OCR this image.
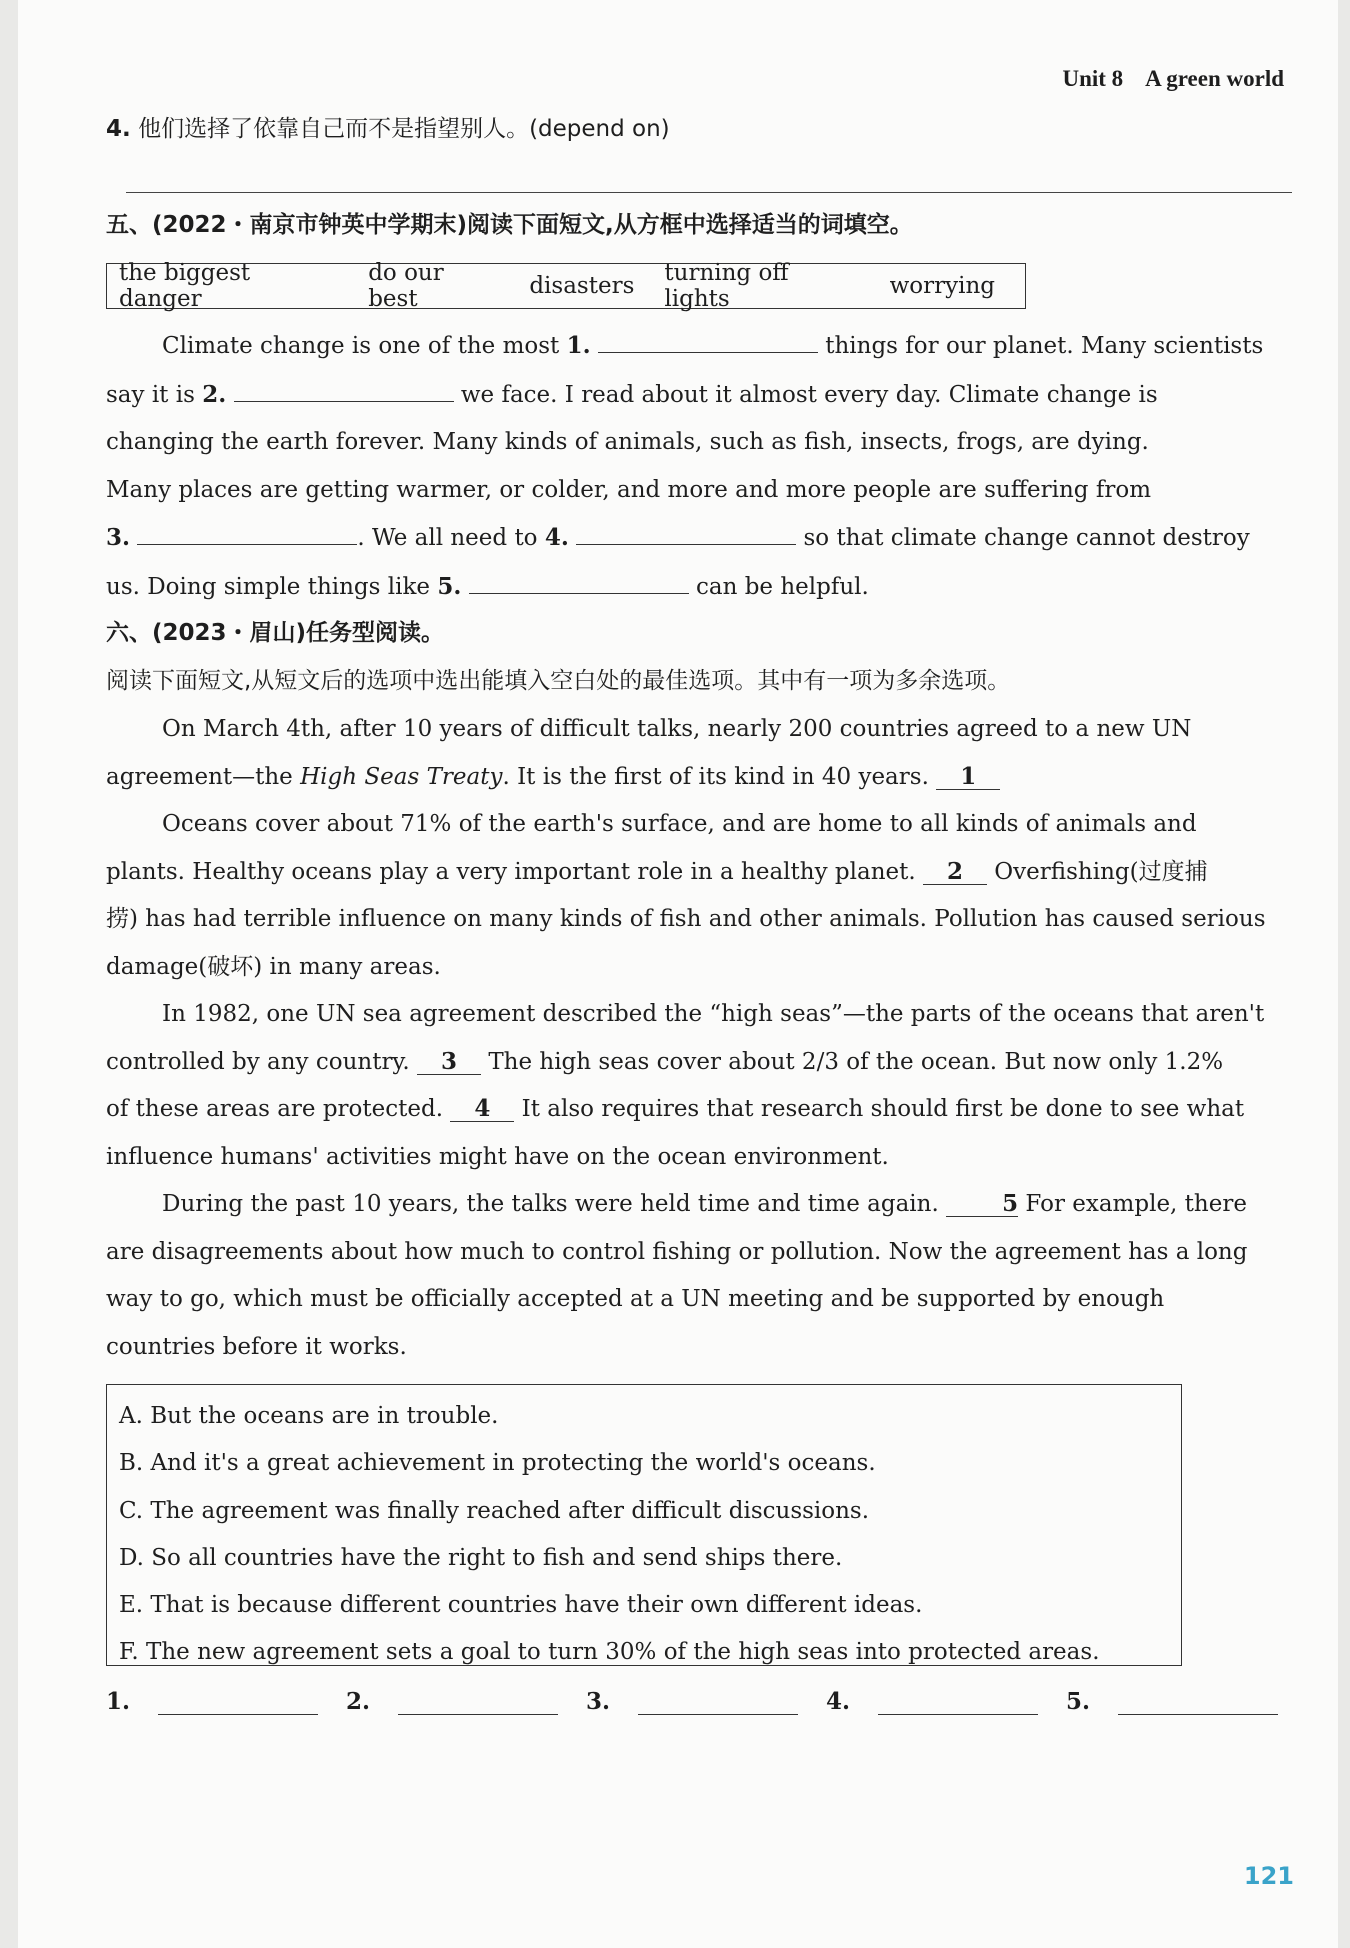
Unit 8 A green world
4. 他们选择了依靠自己而不是指望别人。(depend on)
五、(2022・南京市钟英中学期末)阅读下面短文,从方框中选择适当的词填空。
the biggest danger
do our best	disasters turning off lights	worrying
Climate change is one of the most 1.	things for our planet. Many scientists
say it is 2.	we face. I read about it almost every day. Climate change is
changing the earth forever. Many kinds of animals, such as fish, insects, frogs, are dying.
Many places are getting warmer, or colder, and more and more people are suffering from
3.	. We all need to 4.	so that climate change cannot destroy
us. Doing simple things like 5.	can be helpful.
六、(2023・眉山)任务型阅读。
阅读下面短文,从短文后的选项中选出能填入空白处的最佳选项。其中有一项为多余选项。
On March 4th, after 10 years of difficult talks, nearly 200 countries agreed to a new UN
agreement—the High Seas Treaty. It is the first of its kind in 40 years. 1
Oceans cover about 71% of the earth's surface, and are home to all kinds of animals and
plants. Healthy oceans play a very important role in a healthy planet. 2 Overfishing(过度捕
捞) has had terrible influence on many kinds of fish and other animals. Pollution has caused serious
damage(破坏) in many areas.
In 1982, one UN sea agreement described the “high seas”—the parts of the oceans that aren't
controlled by any country. 3 The high seas cover about 2/3 of the ocean. But now only 1.2%
of these areas are protected. 4 It also requires that research should first be done to see what
influence humans' activities might have on the ocean environment.
During the past 10 years, the talks were held time and time again.	5 For example, there
are disagreements about how much to control fishing or pollution. Now the agreement has a long
way to go, which must be officially accepted at a UN meeting and be supported by enough
countries before it works.
A. But the oceans are in trouble.
B. And it's a great achievement in protecting the world's oceans.
C. The agreement was finally reached after difficult discussions.
D. So all countries have the right to fish and send ships there.
E. That is because different countries have their own different ideas.
F. The new agreement sets a goal to turn 30% of the high seas into protected areas.
1.	2.	3.	4.	5.
121
